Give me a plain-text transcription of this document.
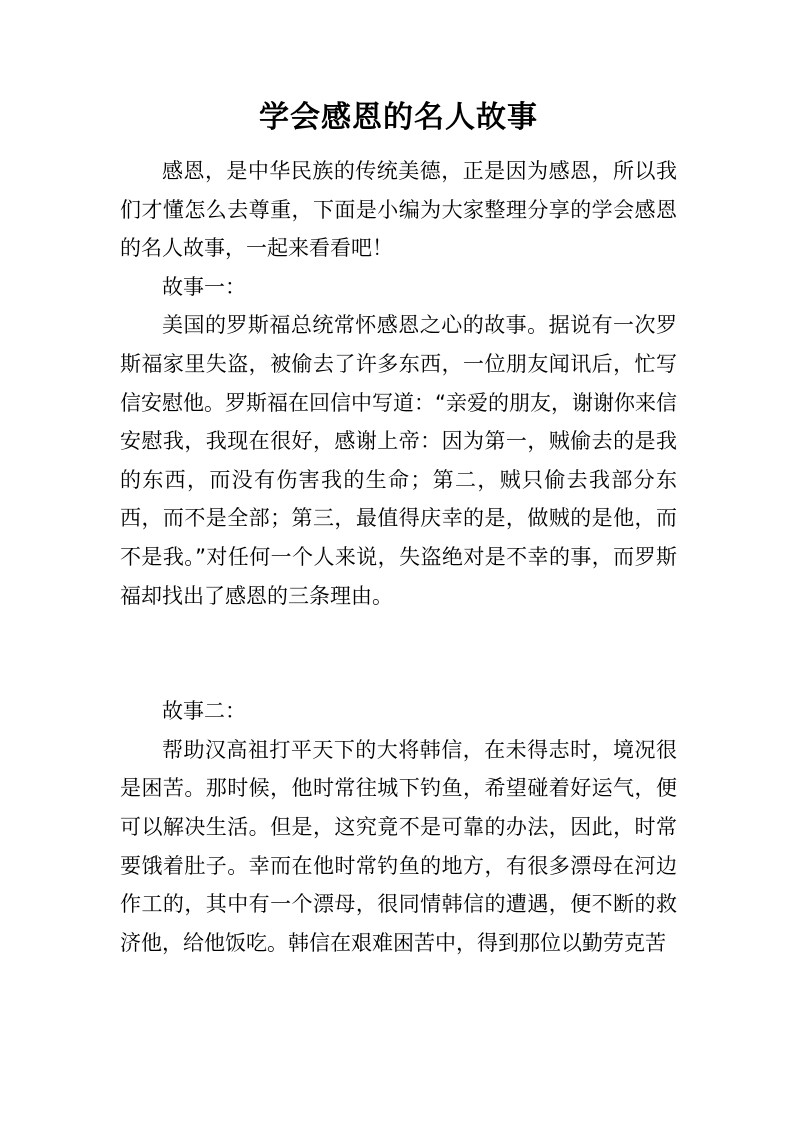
学会感恩的名人故事

感恩，是中华民族的传统美德，正是因为感恩，所以我们才懂怎么去尊重，下面是小编为大家整理分享的学会感恩的名人故事，一起来看看吧！

故事一：

美国的罗斯福总统常怀感恩之心的故事。据说有一次罗斯福家里失盗，被偷去了许多东西，一位朋友闻讯后，忙写信安慰他。罗斯福在回信中写道：“亲爱的朋友，谢谢你来信安慰我，我现在很好，感谢上帝：因为第一，贼偷去的是我的东西，而没有伤害我的生命；第二，贼只偷去我部分东西，而不是全部；第三，最值得庆幸的是，做贼的是他，而不是我。”对任何一个人来说，失盗绝对是不幸的事，而罗斯福却找出了感恩的三条理由。

故事二：

帮助汉高祖打平天下的大将韩信，在未得志时，境况很是困苦。那时候，他时常往城下钓鱼，希望碰着好运气，便可以解决生活。但是，这究竟不是可靠的办法，因此，时常要饿着肚子。幸而在他时常钓鱼的地方，有很多漂母在河边作工的，其中有一个漂母，很同情韩信的遭遇，便不断的救济他，给他饭吃。韩信在艰难困苦中，得到那位以勤劳克苦
